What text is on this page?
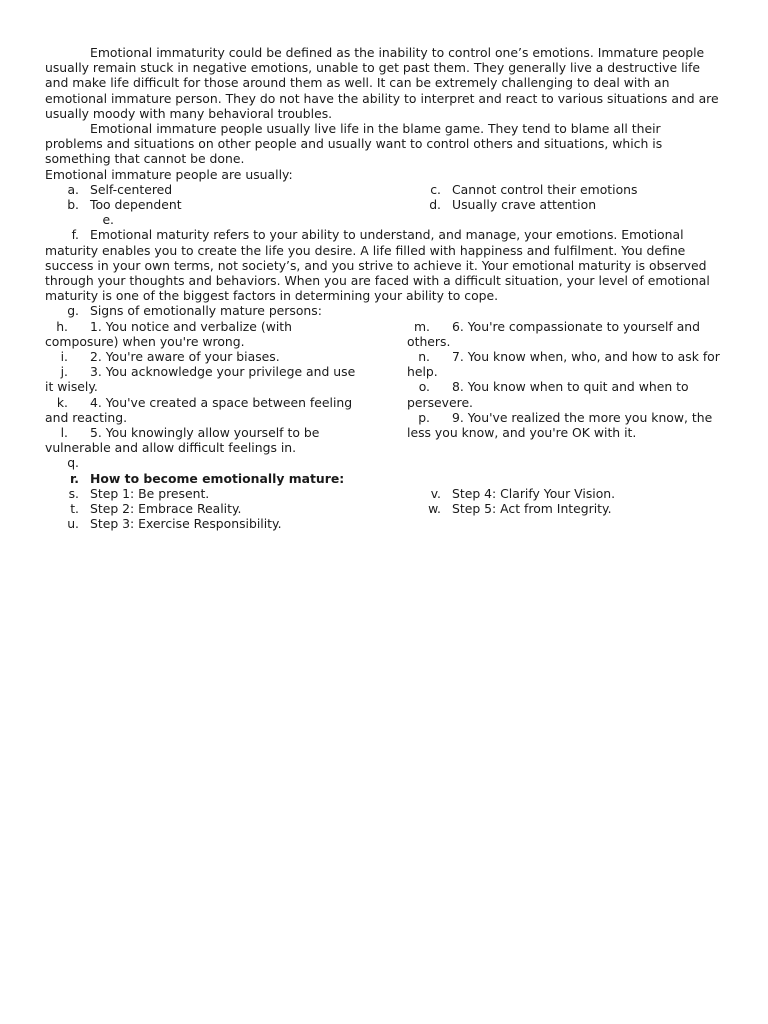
Emotional immaturity could be defined as the inability to control one’s emotions. Immature people usually remain stuck in negative emotions, unable to get past them. They generally live a destructive life and make life difficult for those around them as well. It can be extremely challenging to deal with an emotional immature person. They do not have the ability to interpret and react to various situations and are usually moody with many behavioral troubles.

Emotional immature people usually live life in the blame game. They tend to blame all their problems and situations on other people and usually want to control others and situations, which is something that cannot be done.

Emotional immature people are usually:

a. Self-centered
b. Too dependent
c. Cannot control their emotions
d. Usually crave attention
e.

f. Emotional maturity refers to your ability to understand, and manage, your emotions. Emotional maturity enables you to create the life you desire. A life filled with happiness and fulfilment. You define success in your own terms, not society’s, and you strive to achieve it. Your emotional maturity is observed through your thoughts and behaviors. When you are faced with a difficult situation, your level of emotional maturity is one of the biggest factors in determining your ability to cope.

g. Signs of emotionally mature persons:

h. 1. You notice and verbalize (with composure) when you're wrong.

i. 2. You're aware of your biases.

j. 3. You acknowledge your privilege and use it wisely.

k. 4. You've created a space between feeling and reacting.

l. 5. You knowingly allow yourself to be vulnerable and allow difficult feelings in.

m. 6. You're compassionate to yourself and others.

n. 7. You know when, who, and how to ask for help.

o. 8. You know when to quit and when to persevere.

p. 9. You've realized the more you know, the less you know, and you're OK with it.

q.
r. How to become emotionally mature:
s. Step 1: Be present.
t. Step 2: Embrace Reality.
u. Step 3: Exercise Responsibility.
v. Step 4: Clarify Your Vision.
w. Step 5: Act from Integrity.
